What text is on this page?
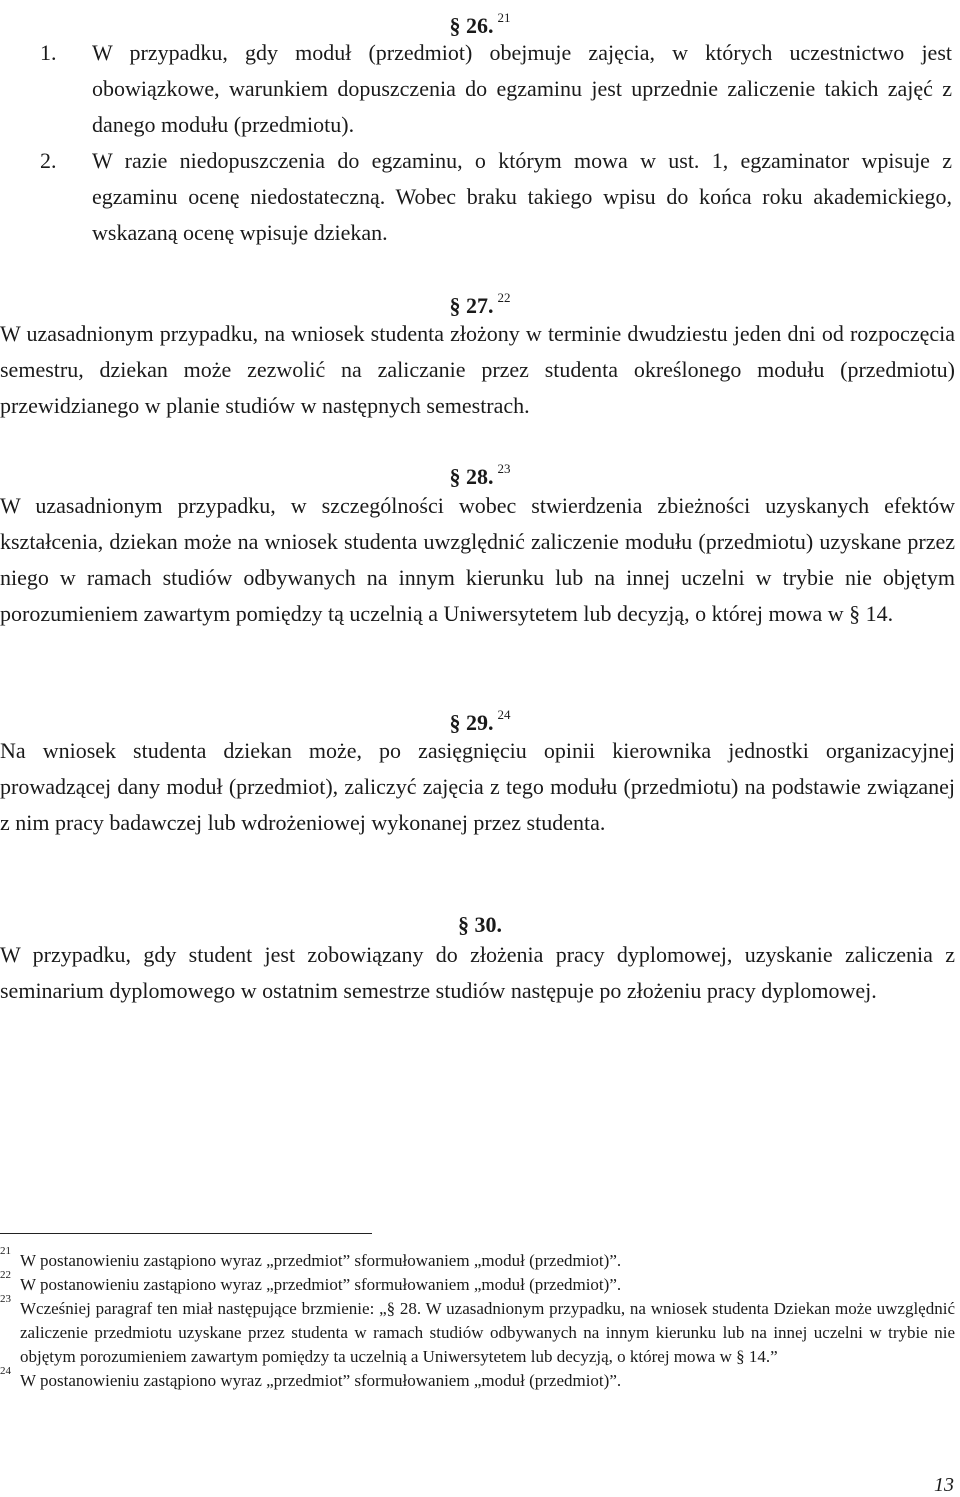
§ 26. $^{21}$
1. W przypadku, gdy moduł (przedmiot) obejmuje zajęcia, w których uczestnictwo jest obowiązkowe, warunkiem dopuszczenia do egzaminu jest uprzednie zaliczenie takich zajęć z danego modułu (przedmiotu).
2. W razie niedopuszczenia do egzaminu, o którym mowa w ust. 1, egzaminator wpisuje z egzaminu ocenę niedostateczną. Wobec braku takiego wpisu do końca roku akademickiego, wskazaną ocenę wpisuje dziekan.
§ 27. $^{22}$
W uzasadnionym przypadku, na wniosek studenta złożony w terminie dwudziestu jeden dni od rozpoczęcia semestru, dziekan może zezwolić na zaliczanie przez studenta określonego modułu (przedmiotu) przewidzianego w planie studiów w następnych semestrach.
§ 28. $^{23}$
W uzasadnionym przypadku, w szczególności wobec stwierdzenia zbieżności uzyskanych efektów kształcenia, dziekan może na wniosek studenta uwzględnić zaliczenie modułu (przedmiotu) uzyskane przez niego w ramach studiów odbywanych na innym kierunku lub na innej uczelni w trybie nie objętym porozumieniem zawartym pomiędzy tą uczelnią a Uniwersytetem lub decyzją, o której mowa w § 14.
§ 29. $^{24}$
Na wniosek studenta dziekan może, po zasięgnięciu opinii kierownika jednostki organizacyjnej prowadzącej dany moduł (przedmiot), zaliczyć zajęcia z tego modułu (przedmiotu) na podstawie związanej z nim pracy badawczej lub wdrożeniowej wykonanej przez studenta.
§ 30.
W przypadku, gdy student jest zobowiązany do złożenia pracy dyplomowej, uzyskanie zaliczenia z seminarium dyplomowego w ostatnim semestrze studiów następuje po złożeniu pracy dyplomowej.
21 W postanowieniu zastąpiono wyraz „przedmiot” sformułowaniem „moduł (przedmiot)”.
22 W postanowieniu zastąpiono wyraz „przedmiot” sformułowaniem „moduł (przedmiot)”.
23 Wcześniej paragraf ten miał następujące brzmienie: „§ 28. W uzasadnionym przypadku, na wniosek studenta Dziekan może uwzględnić zaliczenie przedmiotu uzyskane przez studenta w ramach studiów odbywanych na innym kierunku lub na innej uczelni w trybie nie objętym porozumieniem zawartym pomiędzy ta uczelnią a Uniwersytetem lub decyzją, o której mowa w § 14.”
24 W postanowieniu zastąpiono wyraz „przedmiot” sformułowaniem „moduł (przedmiot)”.
13
